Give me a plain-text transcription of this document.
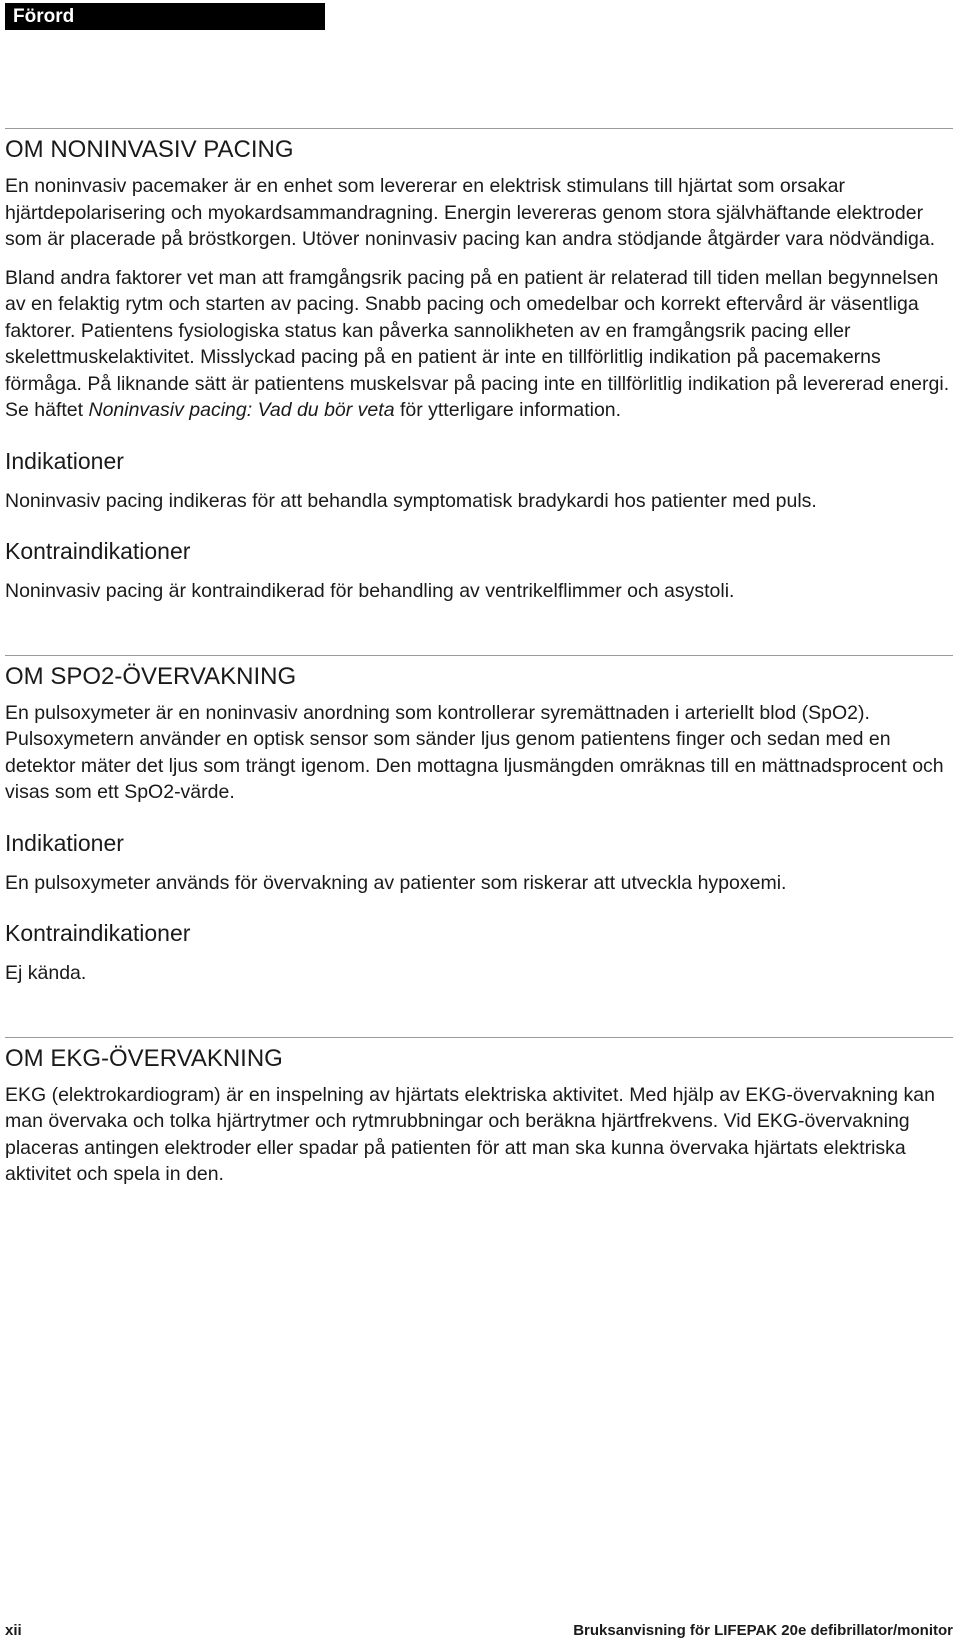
Förord
OM NONINVASIV PACING

En noninvasiv pacemaker är en enhet som levererar en elektrisk stimulans till hjärtat som orsakar hjärtdepolarisering och myokardsammandragning. Energin levereras genom stora självhäftande elektroder som är placerade på bröstkorgen. Utöver noninvasiv pacing kan andra stödjande åtgärder vara nödvändiga.

Bland andra faktorer vet man att framgångsrik pacing på en patient är relaterad till tiden mellan begynnelsen av en felaktig rytm och starten av pacing. Snabb pacing och omedelbar och korrekt eftervård är väsentliga faktorer. Patientens fysiologiska status kan påverka sannolikheten av en framgångsrik pacing eller skelettmuskelaktivitet. Misslyckad pacing på en patient är inte en tillförlitlig indikation på pacemakerns förmåga. På liknande sätt är patientens muskelsvar på pacing inte en tillförlitlig indikation på levererad energi. Se häftet Noninvasiv pacing: Vad du bör veta för ytterligare information.

Indikationer

Noninvasiv pacing indikeras för att behandla symptomatisk bradykardi hos patienter med puls.

Kontraindikationer

Noninvasiv pacing är kontraindikerad för behandling av ventrikelflimmer och asystoli.

OM SPO2-ÖVERVAKNING

En pulsoxymeter är en noninvasiv anordning som kontrollerar syremättnaden i arteriellt blod (SpO2). Pulsoxymetern använder en optisk sensor som sänder ljus genom patientens finger och sedan med en detektor mäter det ljus som trängt igenom. Den mottagna ljusmängden omräknas till en mättnadsprocent och visas som ett SpO2-värde.

Indikationer

En pulsoxymeter används för övervakning av patienter som riskerar att utveckla hypoxemi.

Kontraindikationer

Ej kända.

OM EKG-ÖVERVAKNING

EKG (elektrokardiogram) är en inspelning av hjärtats elektriska aktivitet. Med hjälp av EKG-övervakning kan man övervaka och tolka hjärtrytmer och rytmrubbningar och beräkna hjärtfrekvens. Vid EKG-övervakning placeras antingen elektroder eller spadar på patienten för att man ska kunna övervaka hjärtats elektriska aktivitet och spela in den.

xii	Bruksanvisning för LIFEPAK 20e defibrillator/monitor
